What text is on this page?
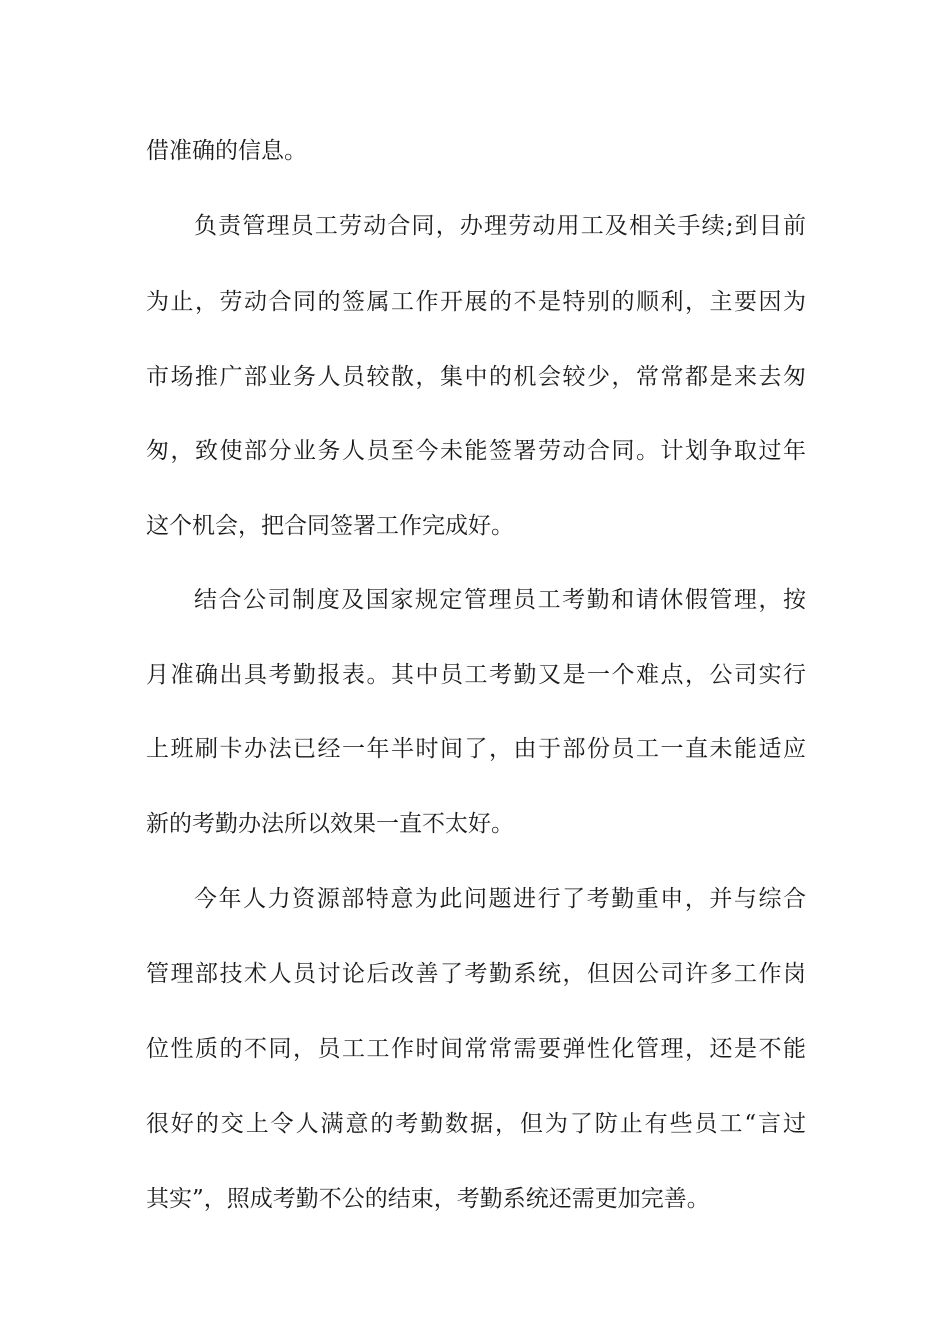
借准确的信息。
负责管理员工劳动合同，办理劳动用工及相关手续;到目前
为止，劳动合同的签属工作开展的不是特别的顺利，主要因为
市场推广部业务人员较散，集中的机会较少，常常都是来去匆
匆，致使部分业务人员至今未能签署劳动合同。计划争取过年
这个机会，把合同签署工作完成好。
结合公司制度及国家规定管理员工考勤和请休假管理，按
月准确出具考勤报表。其中员工考勤又是一个难点，公司实行
上班刷卡办法已经一年半时间了，由于部份员工一直未能适应
新的考勤办法所以效果一直不太好。
今年人力资源部特意为此问题进行了考勤重申，并与综合
管理部技术人员讨论后改善了考勤系统，但因公司许多工作岗
位性质的不同，员工工作时间常常需要弹性化管理，还是不能
很好的交上令人满意的考勤数据，但为了防止有些员工“言过
其实”，照成考勤不公的结束，考勤系统还需更加完善。
